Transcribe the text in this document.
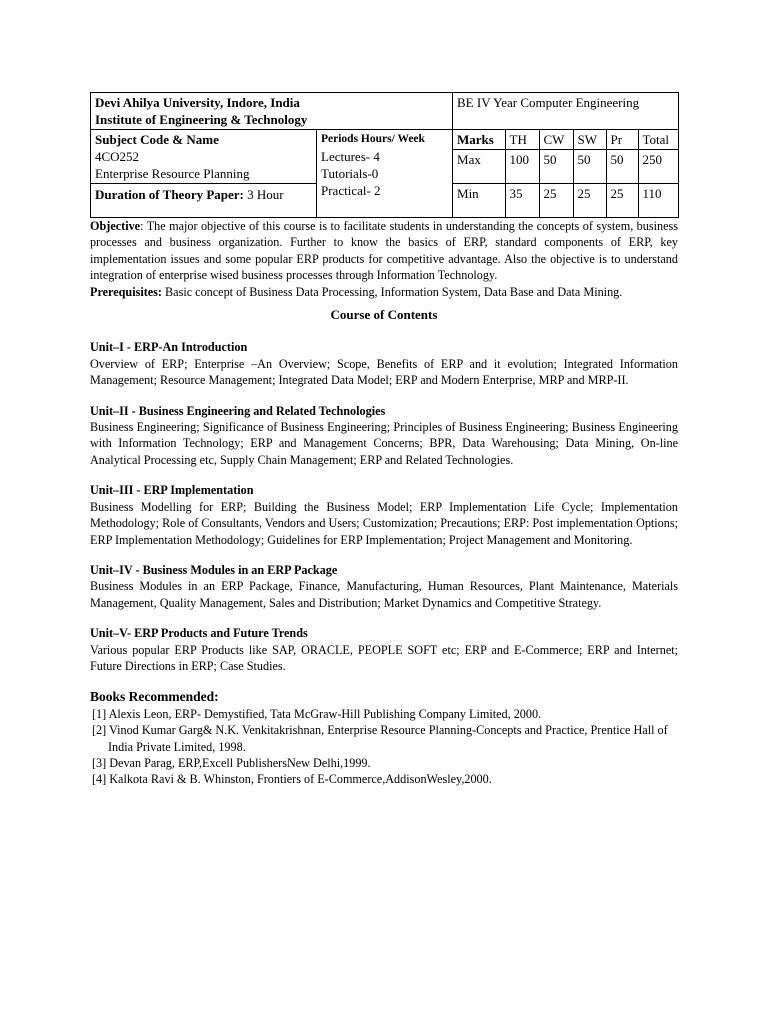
Devi Ahilya University, Indore, India
Institute of Engineering & Technology
	BE IV Year Computer Engineering

Subject Code & Name
4CO252
Enterprise Resource Planning
Duration of Theory Paper: 3 Hour

Periods Hours/ Week
Lectures- 4
Tutorials-0
Practical- 2

Marks	TH	CW	SW	Pr	Total
Max	100	50	50	50	250
Min	35	25	25	25	110

Objective: The major objective of this course is to facilitate students in understanding the concepts of system, business processes and business organization. Further to know the basics of ERP, standard components of ERP, key implementation issues and some popular ERP products for competitive advantage. Also the objective is to understand integration of enterprise wised business processes through Information Technology.

Prerequisites: Basic concept of Business Data Processing, Information System, Data Base and Data Mining.

Course of Contents
Unit–I - ERP-An Introduction

Overview of ERP; Enterprise –An Overview; Scope, Benefits of ERP and it evolution; Integrated Information Management; Resource Management; Integrated Data Model; ERP and Modern Enterprise, MRP and MRP-II.

Unit–II - Business Engineering and Related Technologies

Business Engineering; Significance of Business Engineering; Principles of Business Engineering; Business Engineering with Information Technology; ERP and Management Concerns; BPR, Data Warehousing; Data Mining, On-line Analytical Processing etc, Supply Chain Management; ERP and Related Technologies.

Unit–III - ERP Implementation

Business Modelling for ERP; Building the Business Model; ERP Implementation Life Cycle; Implementation Methodology; Role of Consultants, Vendors and Users; Customization; Precautions; ERP: Post implementation Options; ERP Implementation Methodology; Guidelines for ERP Implementation; Project Management and Monitoring.

Unit–IV - Business Modules in an ERP Package

Business Modules in an ERP Package, Finance, Manufacturing, Human Resources, Plant Maintenance, Materials Management, Quality Management, Sales and Distribution; Market Dynamics and Competitive Strategy.

Unit–V- ERP Products and Future Trends

Various popular ERP Products like SAP, ORACLE, PEOPLE SOFT etc; ERP and E-Commerce; ERP and Internet; Future Directions in ERP; Case Studies.

Books Recommended:

[1] Alexis Leon, ERP- Demystified, Tata McGraw-Hill Publishing Company Limited, 2000.

[2] Vinod Kumar Garg& N.K. Venkitakrishnan, Enterprise Resource Planning-Concepts and Practice, Prentice Hall of India Private Limited, 1998.

[3] Devan Parag, ERP,Excell PublishersNew Delhi,1999.

[4] Kalkota Ravi & B. Whinston, Frontiers of E-Commerce,AddisonWesley,2000.
